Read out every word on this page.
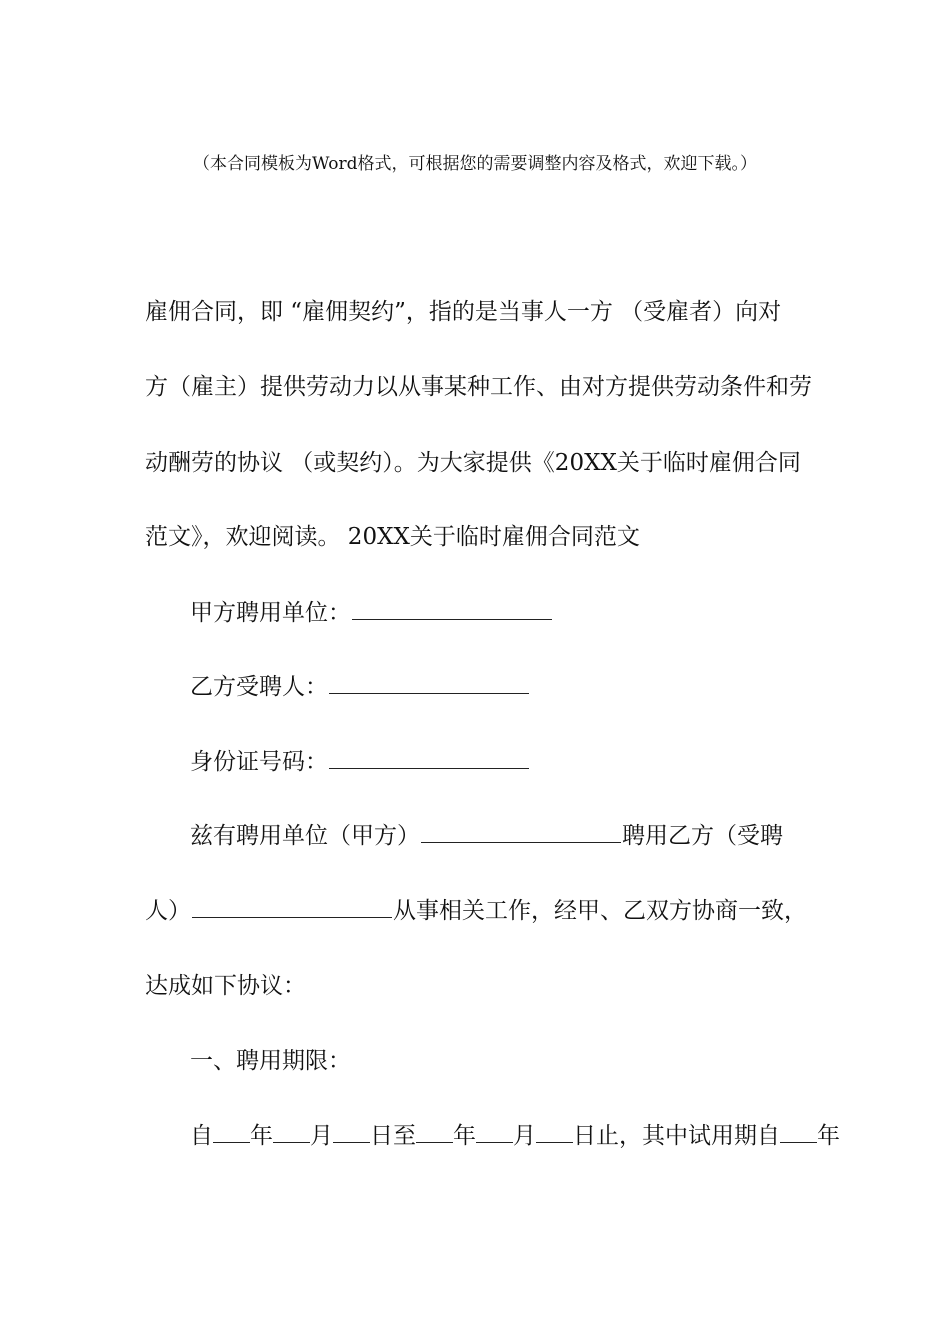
（本合同模板为Word格式，可根据您的需要调整内容及格式，欢迎下载。）
雇佣合同，即 “雇佣契约”，指的是当事人一方 （受雇者）向对
方（雇主）提供劳动力以从事某种工作、由对方提供劳动条件和劳
动酬劳的协议 （或契约）。为大家提供《20XX关于临时雇佣合同
范文》，欢迎阅读。 20XX关于临时雇佣合同范文
甲方聘用单位：
乙方受聘人：
身份证号码：
兹有聘用单位（甲方）	聘用乙方（受聘
人）	从事相关工作，经甲、乙双方协商一致，
达成如下协议：
一、聘用期限：
自 年 月 日至 年 月 日止，其中试用期自 年
